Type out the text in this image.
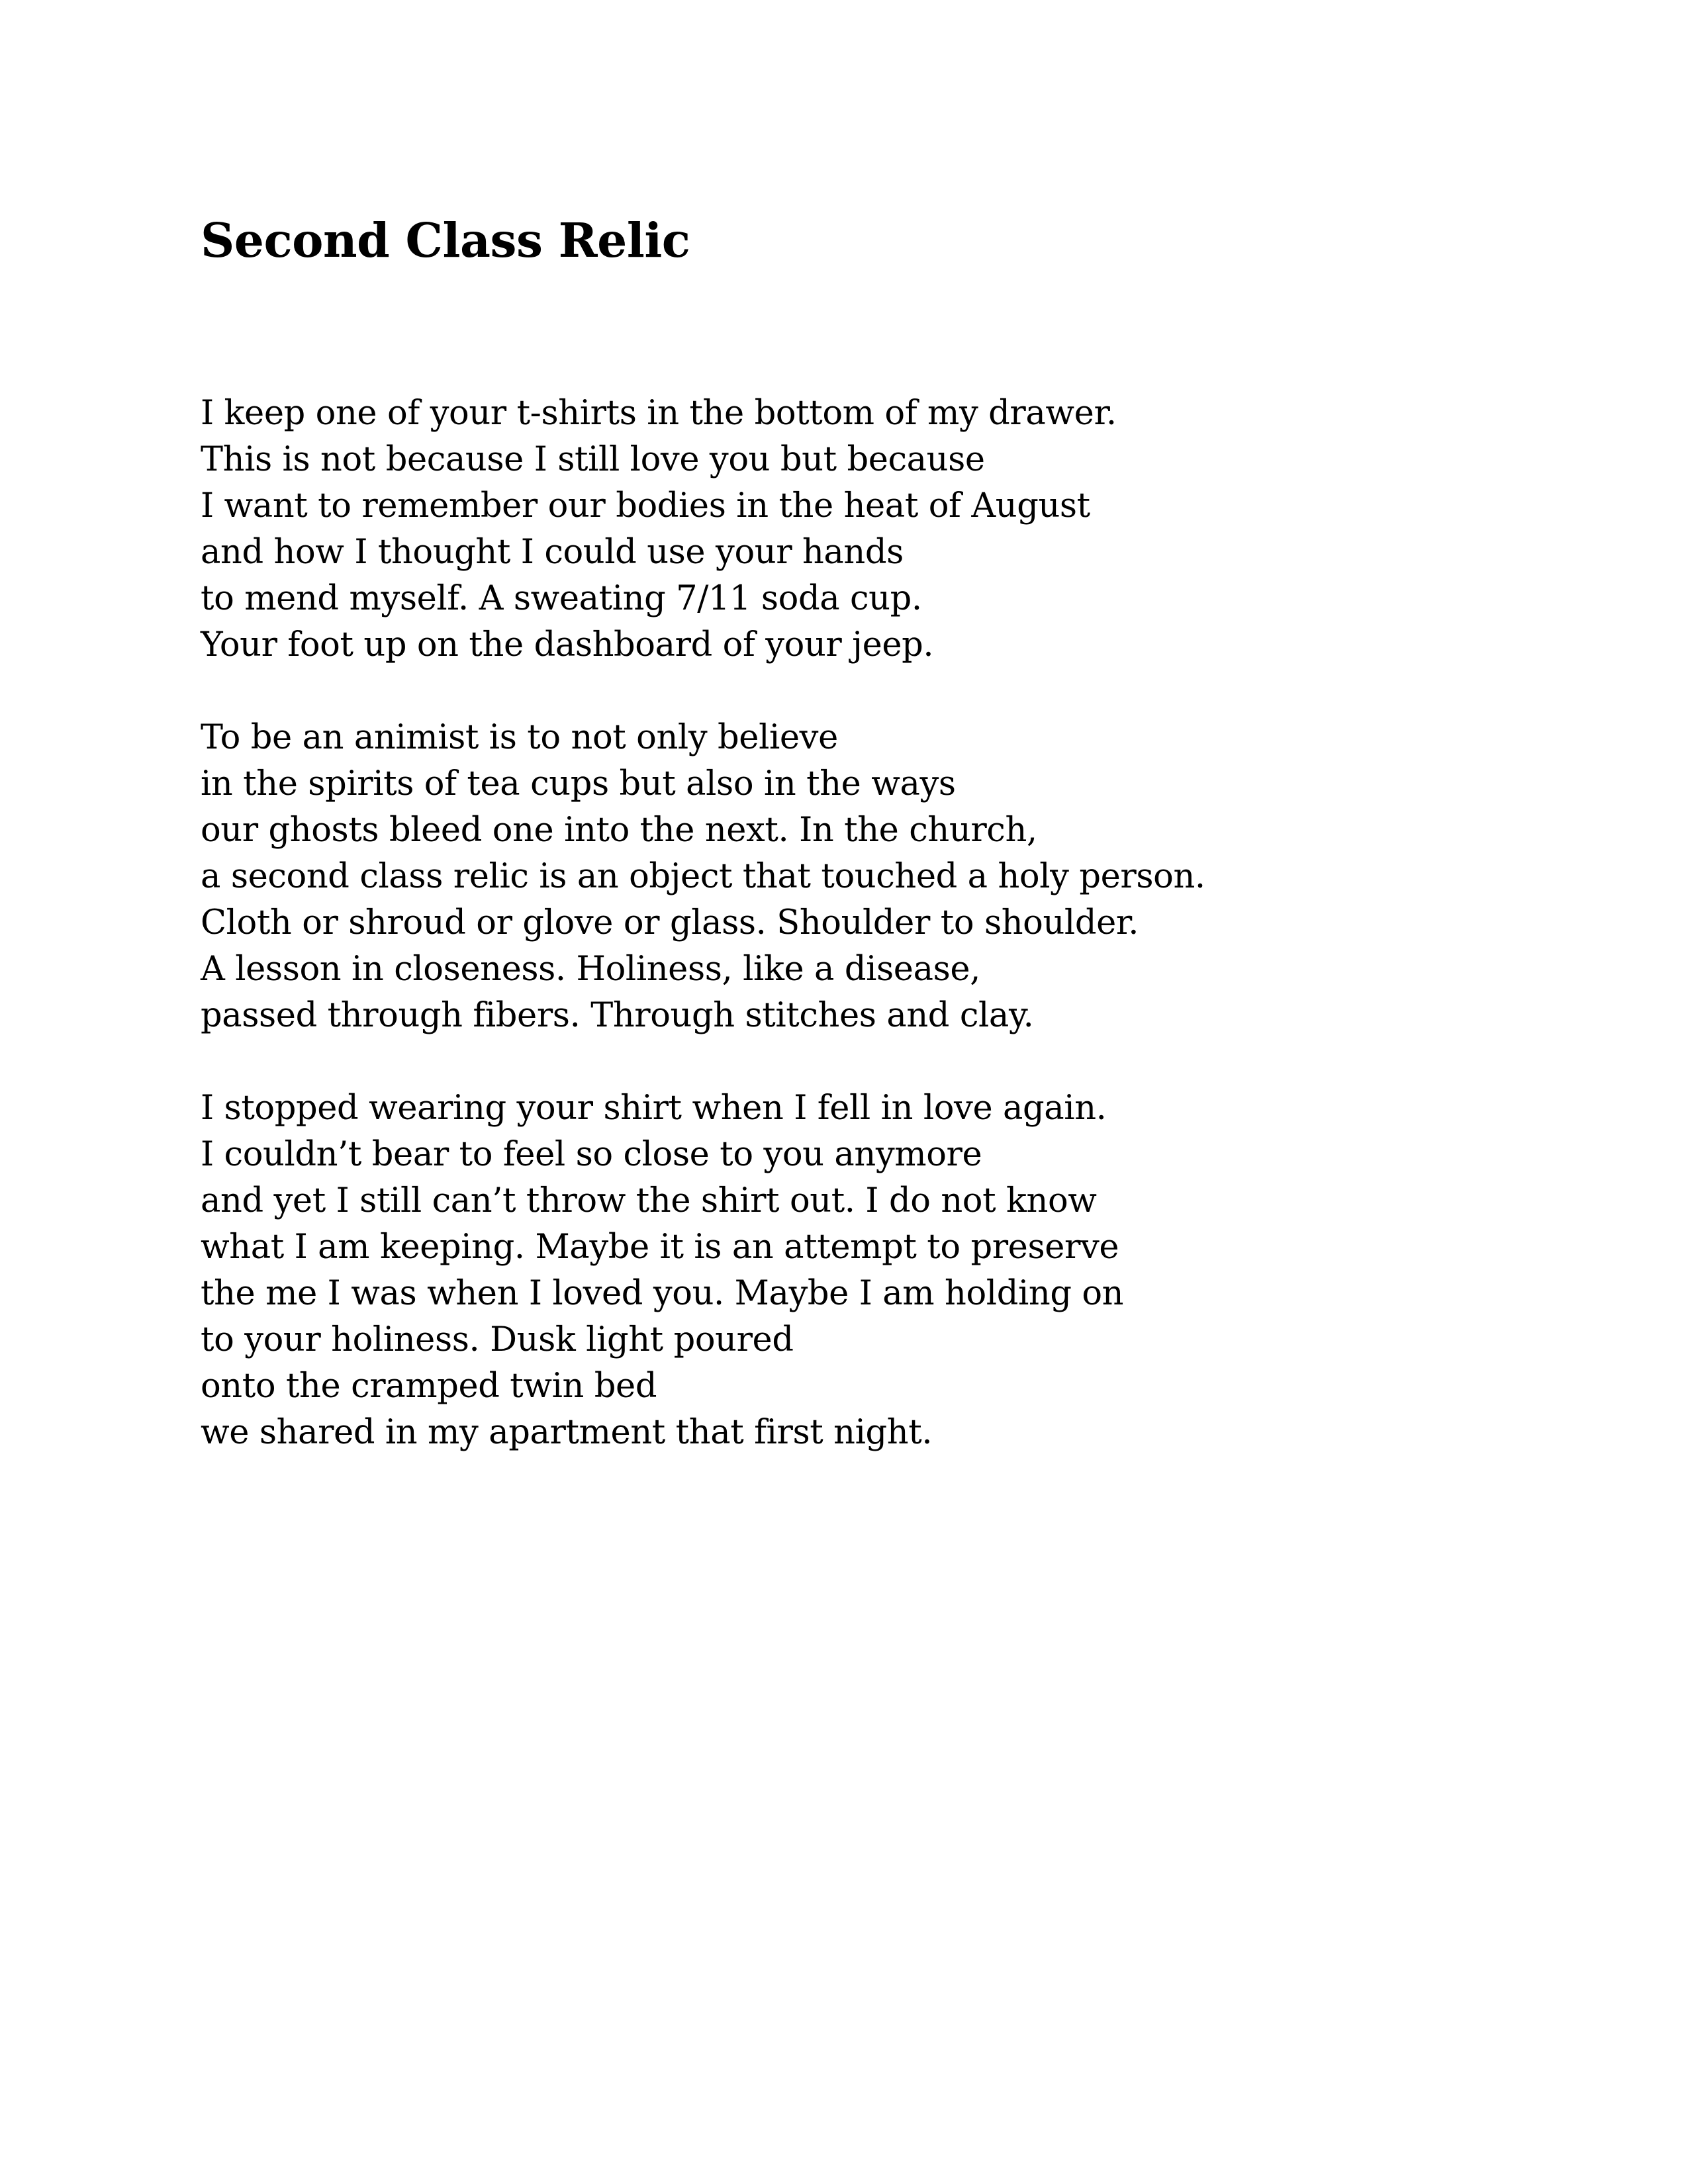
Second Class Relic
I keep one of your t-shirts in the bottom of my drawer.
This is not because I still love you but because
I want to remember our bodies in the heat of August
and how I thought I could use your hands
to mend myself. A sweating 7/11 soda cup.
Your foot up on the dashboard of your jeep.
To be an animist is to not only believe
in the spirits of tea cups but also in the ways
our ghosts bleed one into the next. In the church,
a second class relic is an object that touched a holy person.
Cloth or shroud or glove or glass. Shoulder to shoulder.
A lesson in closeness. Holiness, like a disease,
passed through fibers. Through stitches and clay.
I stopped wearing your shirt when I fell in love again.
I couldn’t bear to feel so close to you anymore
and yet I still can’t throw the shirt out. I do not know
what I am keeping. Maybe it is an attempt to preserve
the me I was when I loved you. Maybe I am holding on
to your holiness. Dusk light poured
onto the cramped twin bed
we shared in my apartment that first night.
